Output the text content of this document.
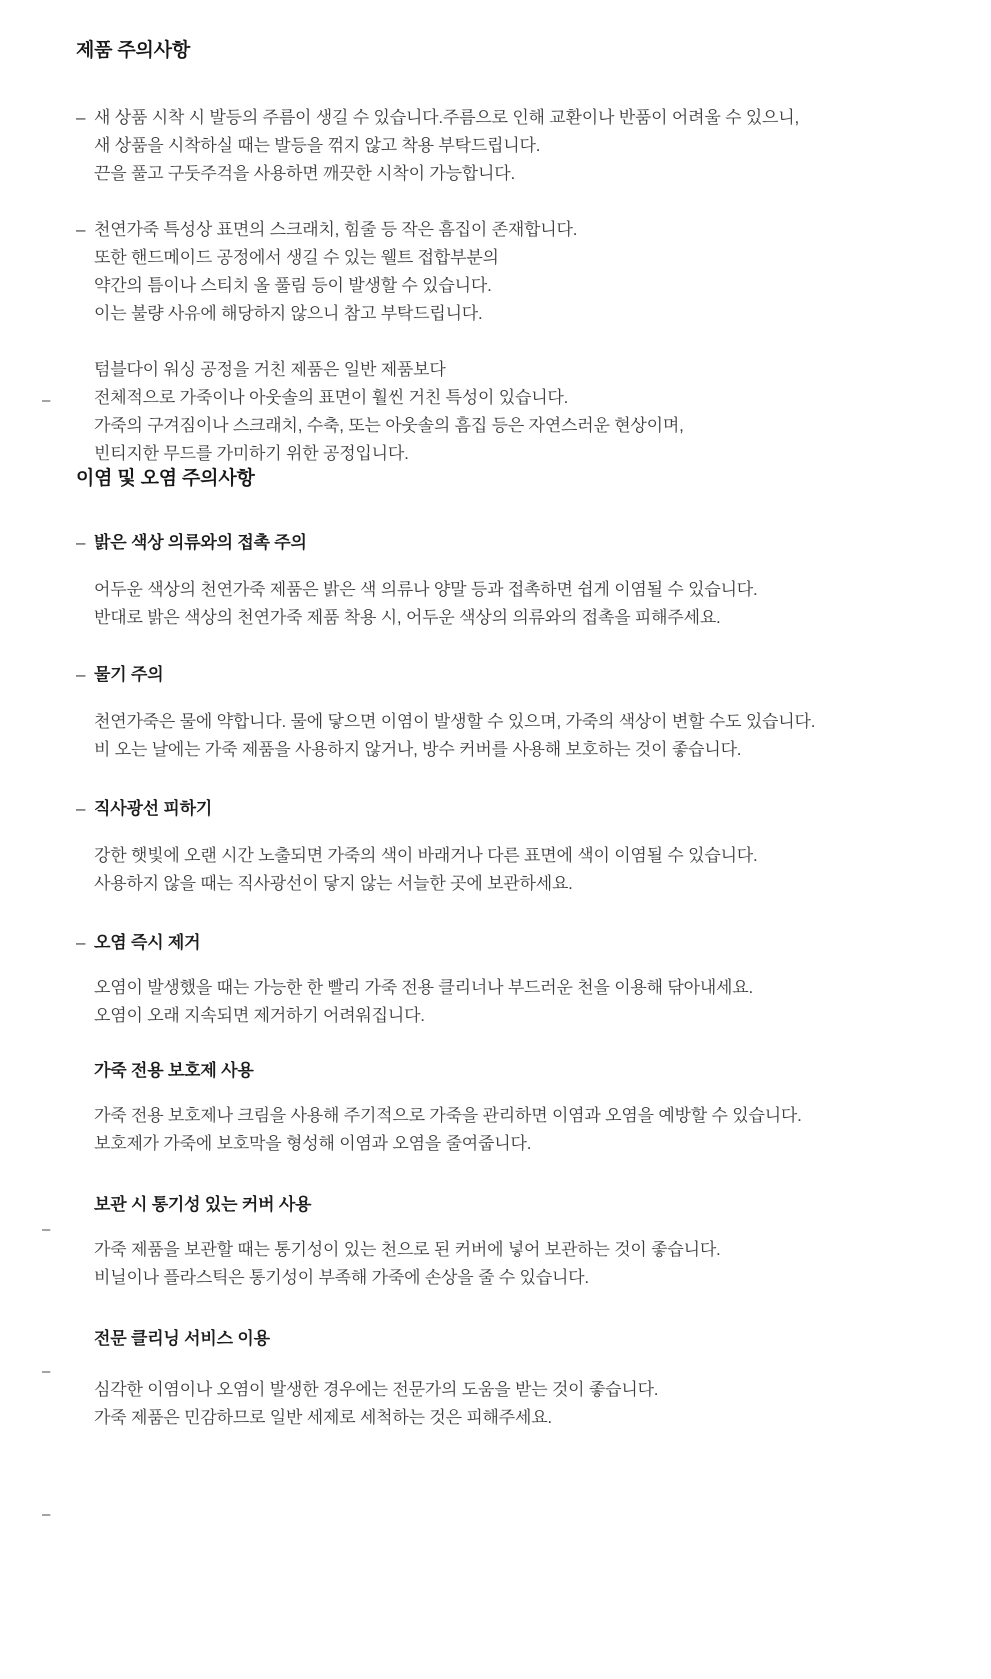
–
–
–
–
제품 주의사항
– 새 상품 시착 시 발등의 주름이 생길 수 있습니다.주름으로 인해 교환이나 반품이 어려울 수 있으니,
새 상품을 시착하실 때는 발등을 꺾지 않고 착용 부탁드립니다.
끈을 풀고 구둣주걱을 사용하면 깨끗한 시착이 가능합니다.
– 천연가죽 특성상 표면의 스크래치, 힘줄 등 작은 흠집이 존재합니다.
또한 핸드메이드 공정에서 생길 수 있는 웰트 접합부분의
약간의 틈이나 스티치 올 풀림 등이 발생할 수 있습니다.
이는 불량 사유에 해당하지 않으니 참고 부탁드립니다.
텀블다이 워싱 공정을 거친 제품은 일반 제품보다
전체적으로 가죽이나 아웃솔의 표면이 훨씬 거친 특성이 있습니다.
가죽의 구겨짐이나 스크래치, 수축, 또는 아웃솔의 흠집 등은 자연스러운 현상이며,
빈티지한 무드를 가미하기 위한 공정입니다.
이염 및 오염 주의사항
– 밝은 색상 의류와의 접촉 주의
어두운 색상의 천연가죽 제품은 밝은 색 의류나 양말 등과 접촉하면 쉽게 이염될 수 있습니다.
반대로 밝은 색상의 천연가죽 제품 착용 시, 어두운 색상의 의류와의 접촉을 피해주세요.
– 물기 주의
천연가죽은 물에 약합니다. 물에 닿으면 이염이 발생할 수 있으며, 가죽의 색상이 변할 수도 있습니다.
비 오는 날에는 가죽 제품을 사용하지 않거나, 방수 커버를 사용해 보호하는 것이 좋습니다.
– 직사광선 피하기
강한 햇빛에 오랜 시간 노출되면 가죽의 색이 바래거나 다른 표면에 색이 이염될 수 있습니다.
사용하지 않을 때는 직사광선이 닿지 않는 서늘한 곳에 보관하세요.
– 오염 즉시 제거
오염이 발생했을 때는 가능한 한 빨리 가죽 전용 클리너나 부드러운 천을 이용해 닦아내세요.
오염이 오래 지속되면 제거하기 어려워집니다.
가죽 전용 보호제 사용
가죽 전용 보호제나 크림을 사용해 주기적으로 가죽을 관리하면 이염과 오염을 예방할 수 있습니다.
보호제가 가죽에 보호막을 형성해 이염과 오염을 줄여줍니다.
보관 시 통기성 있는 커버 사용
가죽 제품을 보관할 때는 통기성이 있는 천으로 된 커버에 넣어 보관하는 것이 좋습니다.
비닐이나 플라스틱은 통기성이 부족해 가죽에 손상을 줄 수 있습니다.
전문 클리닝 서비스 이용
심각한 이염이나 오염이 발생한 경우에는 전문가의 도움을 받는 것이 좋습니다.
가죽 제품은 민감하므로 일반 세제로 세척하는 것은 피해주세요.
